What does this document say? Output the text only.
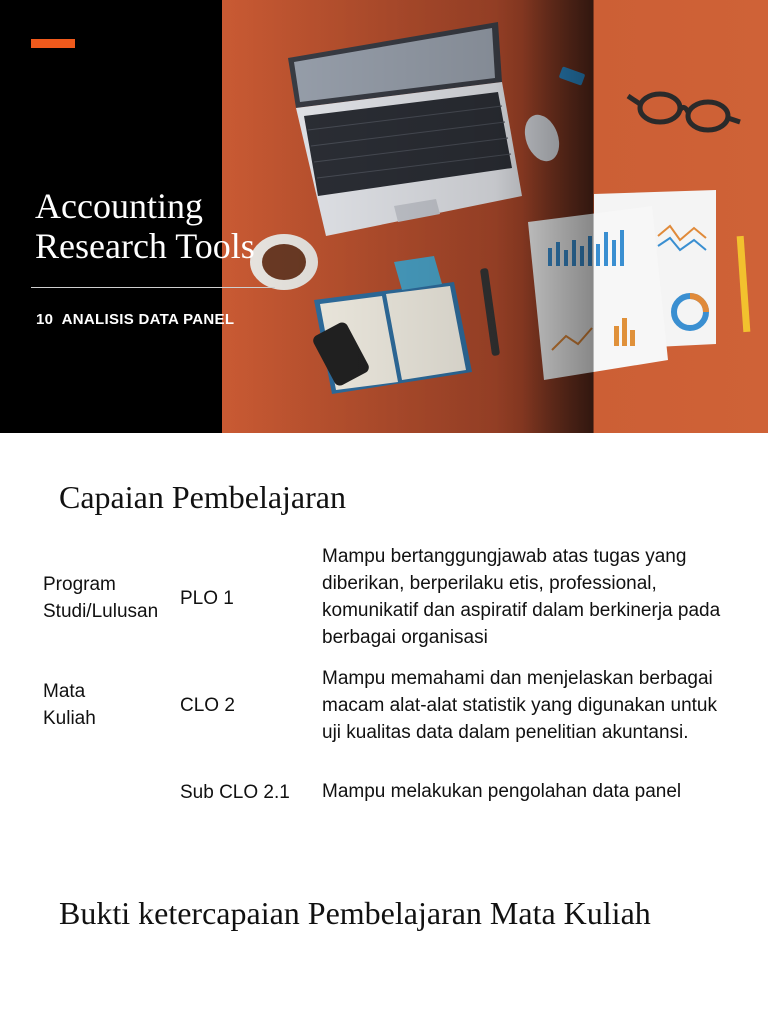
Accounting
Research Tools
10  ANALISIS DATA PANEL
Capaian Pembelajaran
Program Studi/Lulusan
PLO 1
Mampu bertanggungjawab atas tugas yang diberikan, berperilaku etis, professional, komunikatif dan aspiratif dalam berkinerja pada berbagai organisasi
Mata Kuliah
CLO 2
Mampu memahami dan menjelaskan berbagai macam alat-alat statistik yang digunakan untuk uji kualitas data dalam penelitian akuntansi.
Sub CLO 2.1	Mampu melakukan pengolahan data panel
Bukti ketercapaian Pembelajaran Mata Kuliah
